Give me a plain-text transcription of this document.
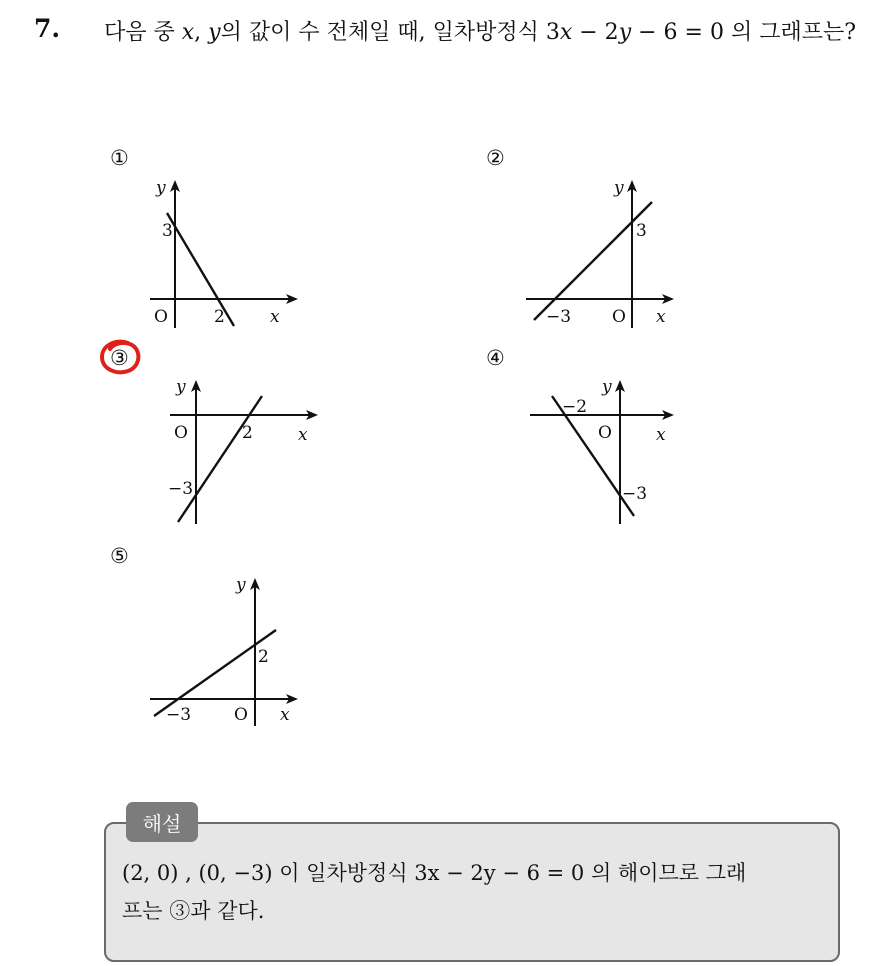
7. 다음 중 x, y의 값이 수 전체일 때, 일차방정식 3x − 2y − 6 = 0 의 그래프는?
①
y
x
O	2
3
②
y
x
O
−3
3
③
y
x
O	2
−3
④
y
x
O
−2
−3
⑤
y
x
O
−3
2
해설
(2, 0) , (0, −3) 이 일차방정식 3x − 2y − 6 = 0 의 해이므로 그래
프는 ③과 같다.
